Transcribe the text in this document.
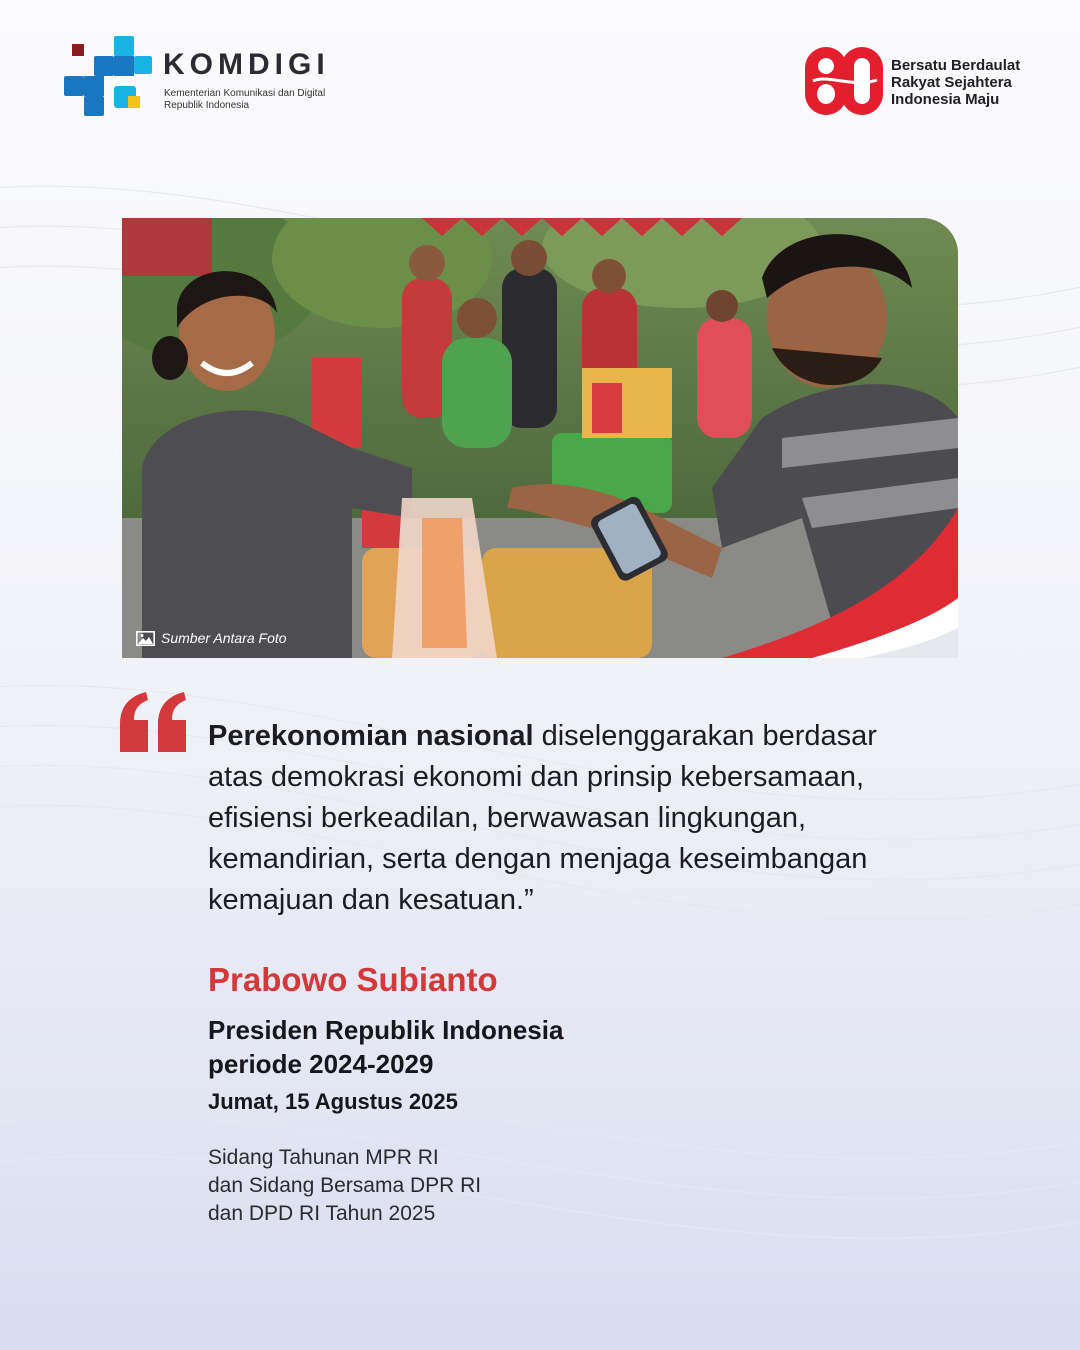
KOMDIGI
Kementerian Komunikasi dan Digital
Republik Indonesia
Bersatu Berdaulat
Rakyat Sejahtera
Indonesia Maju
Sumber Antara Foto

Perekonomian nasional diselenggarakan berdasar atas demokrasi ekonomi dan prinsip kebersamaan, efisiensi berkeadilan, berwawasan lingkungan, kemandirian, serta dengan menjaga keseimbangan kemajuan dan kesatuan.”

Prabowo Subianto
Presiden Republik Indonesia
periode 2024-2029
Jumat, 15 Agustus 2025
Sidang Tahunan MPR RI
dan Sidang Bersama DPR RI
dan DPD RI Tahun 2025
